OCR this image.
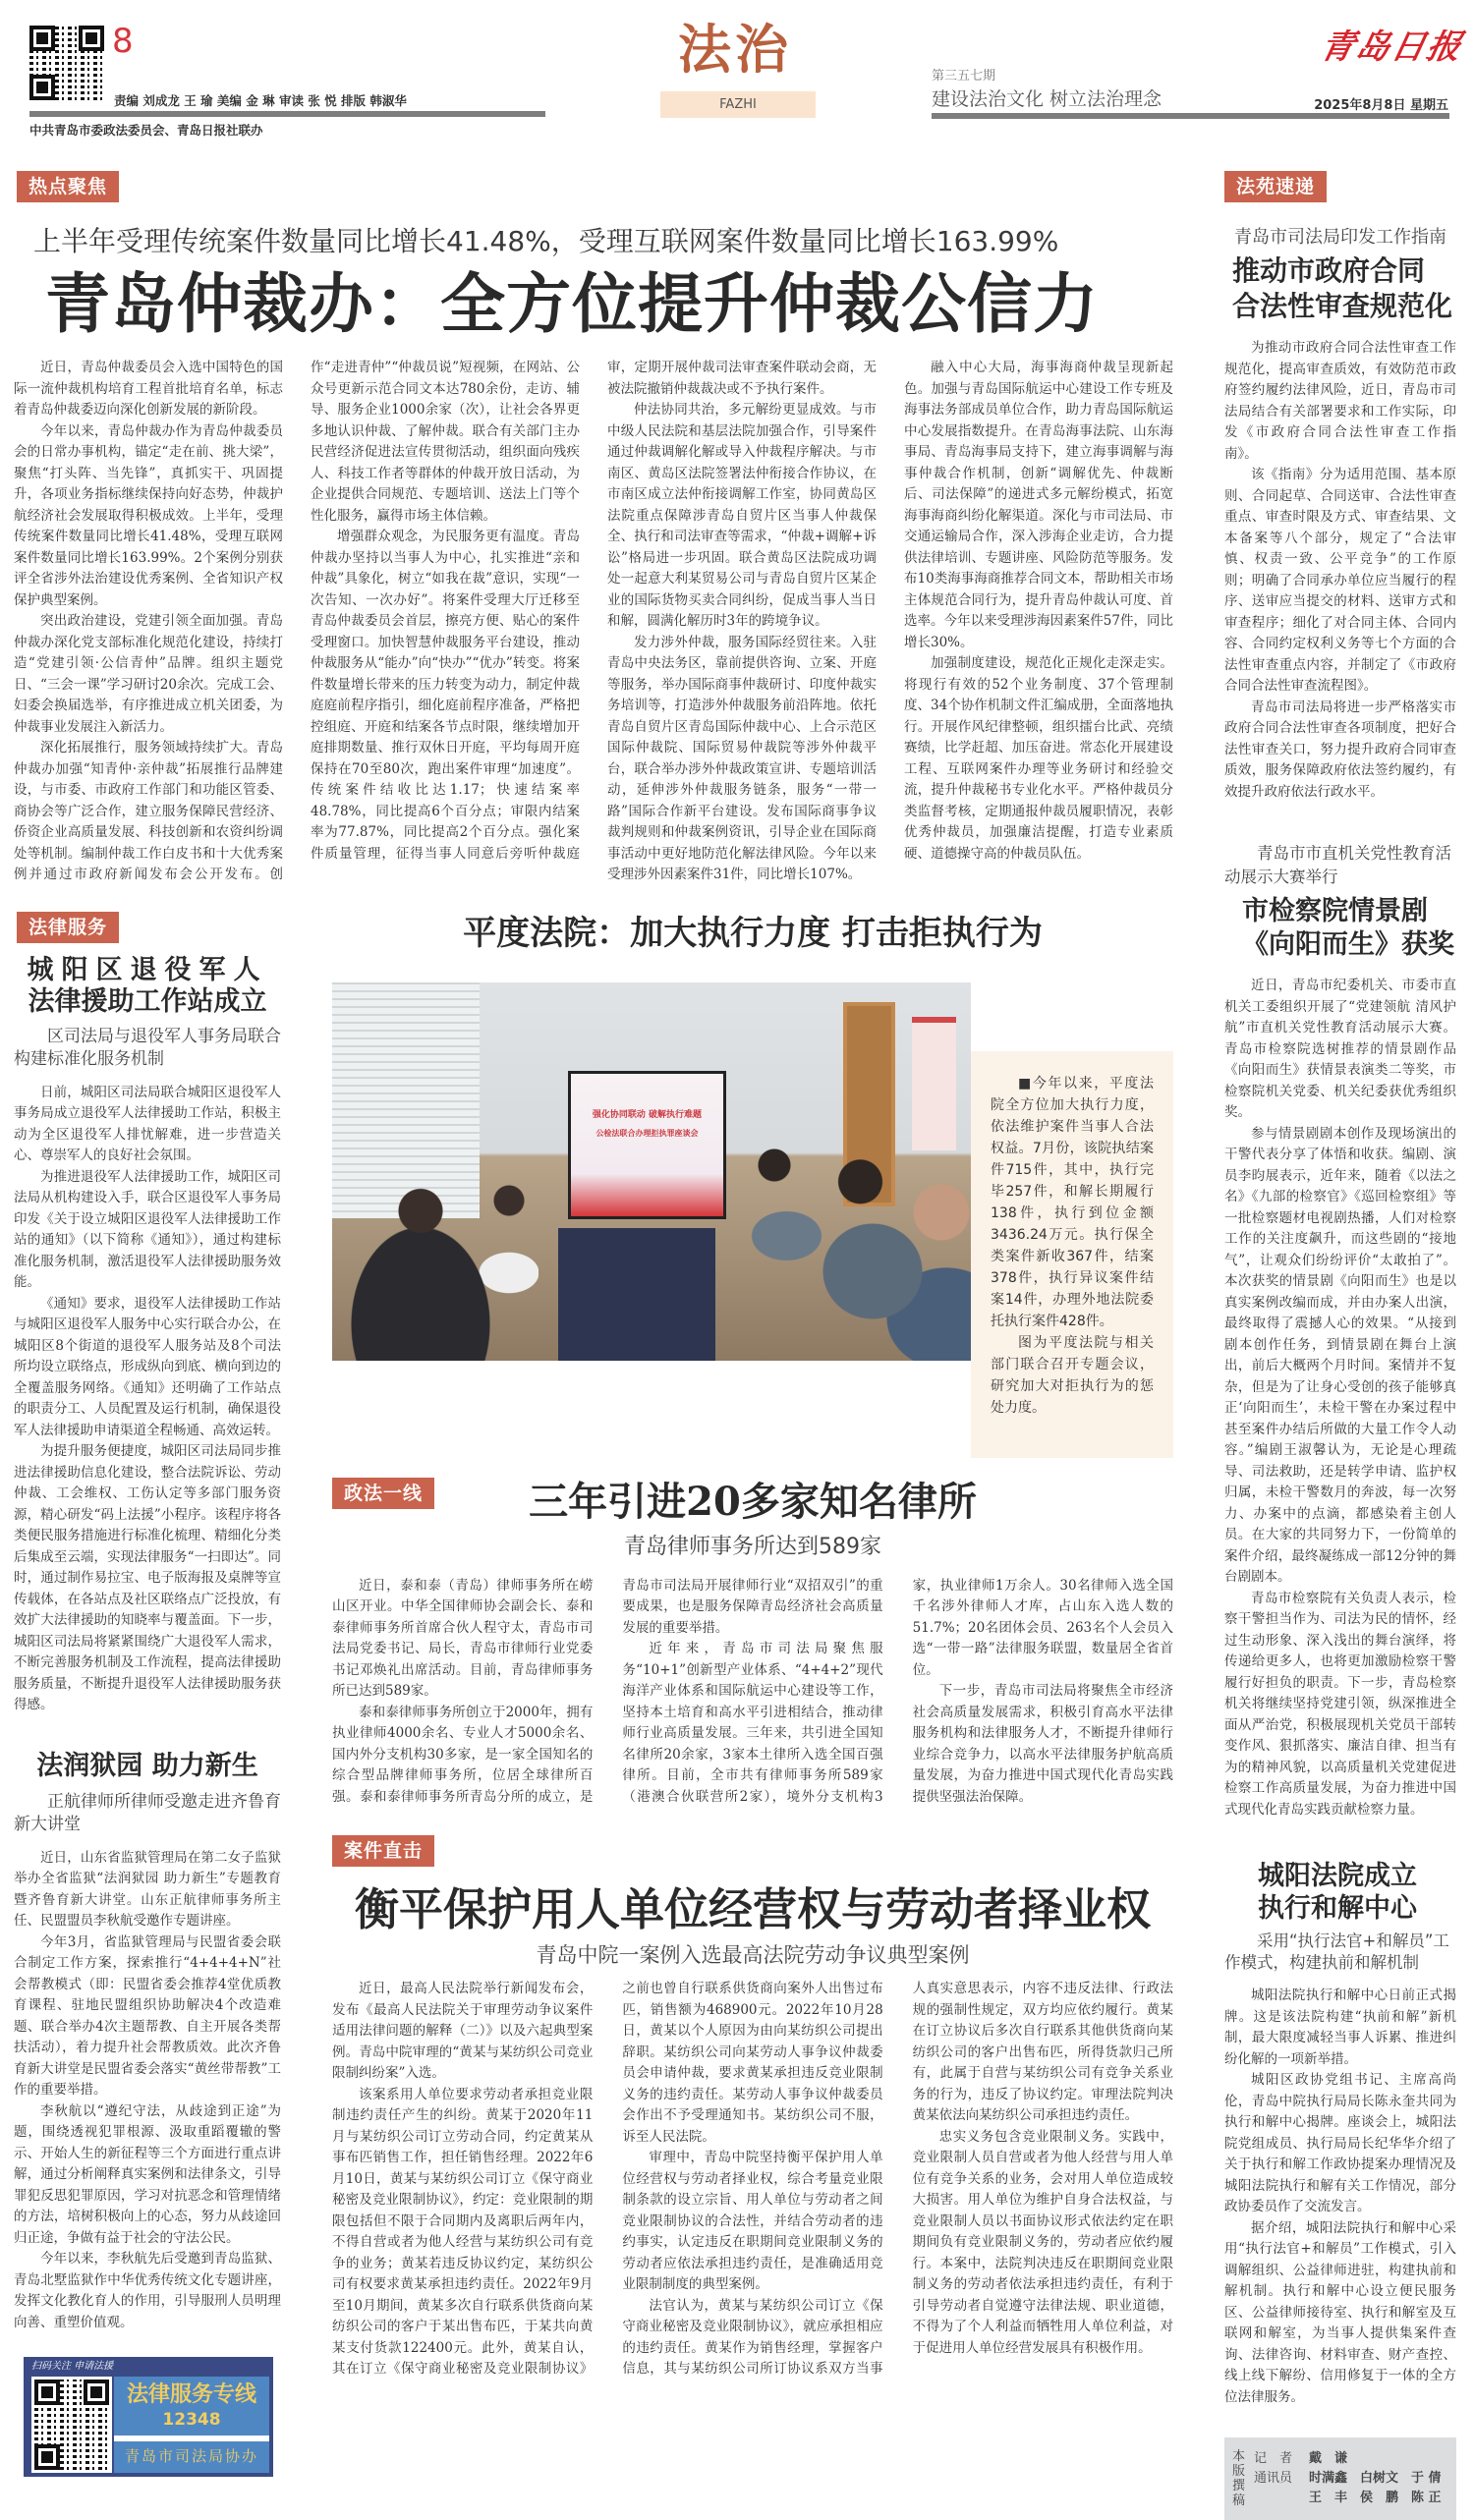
8
责编 刘成龙 王 瑜 美编 金 琳 审读 张 悦 排版 韩淑华
中共青岛市委政法委员会、青岛日报社联办
法治
FAZHI
第三五七期
建设法治文化 树立法治理念	2025年8月8日 星期五
青岛日报
热点聚焦
上半年受理传统案件数量同比增长41.48%，受理互联网案件数量同比增长163.99%
青岛仲裁办：全方位提升仲裁公信力

近日，青岛仲裁委员会入选中国特色的国际一流仲裁机构培育工程首批培育名单，标志着青岛仲裁委迈向深化创新发展的新阶段。

今年以来，青岛仲裁办作为青岛仲裁委员会的日常办事机构，锚定“走在前、挑大梁”，聚焦“打头阵、当先锋”，真抓实干、巩固提升，各项业务指标继续保持向好态势，仲裁护航经济社会发展取得积极成效。上半年，受理传统案件数量同比增长41.48%，受理互联网案件数量同比增长163.99%。2个案例分别获评全省涉外法治建设优秀案例、全省知识产权保护典型案例。

突出政治建设，党建引领全面加强。青岛仲裁办深化党支部标准化规范化建设，持续打造“党建引领·公信青仲”品牌。组织主题党日、“三会一课”学习研讨20余次。完成工会、妇委会换届选举，有序推进成立机关团委，为仲裁事业发展注入新活力。

深化拓展推行，服务领域持续扩大。青岛仲裁办加强“知青仲·亲仲裁”拓展推行品牌建设，与市委、市政府工作部门和功能区管委、商协会等广泛合作，建立服务保障民营经济、侨资企业高质量发展、科技创新和农资纠纷调处等机制。编制仲裁工作白皮书和十大优秀案例并通过市政府新闻发布会公开发布。创作“走进青仲”“仲裁员说”短视频，在网站、公众号更新示范合同文本达780余份，走访、辅导、服务企业1000余家（次），让社会各界更多地认识仲裁、了解仲裁。联合有关部门主办民营经济促进法宣传贯彻活动，组织面向残疾人、科技工作者等群体的仲裁开放日活动，为企业提供合同规范、专题培训、送法上门等个性化服务，赢得市场主体信赖。

增强群众观念，为民服务更有温度。青岛仲裁办坚持以当事人为中心，扎实推进“亲和仲裁”具象化，树立“如我在裁”意识，实现“一次告知、一次办好”。将案件受理大厅迁移至青岛仲裁委员会首层，擦亮方便、贴心的案件受理窗口。加快智慧仲裁服务平台建设，推动仲裁服务从“能办”向“快办”“优办”转变。将案件数量增长带来的压力转变为动力，制定仲裁庭庭前程序指引，细化庭前程序准备，严格把控组庭、开庭和结案各节点时限，继续增加开庭排期数量、推行双休日开庭，平均每周开庭保持在70至80次，跑出案件审理“加速度”。传统案件结收比达1.17；快速结案率48.78%，同比提高6个百分点；审限内结案率为77.87%，同比提高2个百分点。强化案件质量管理，征得当事人同意后旁听仲裁庭审，定期开展仲裁司法审查案件联动会商，无被法院撤销仲裁裁决或不予执行案件。

仲法协同共治，多元解纷更显成效。与市中级人民法院和基层法院加强合作，引导案件通过仲裁调解化解或导入仲裁程序解决。与市南区、黄岛区法院签署法仲衔接合作协议，在市南区成立法仲衔接调解工作室，协同黄岛区法院重点保障涉青岛自贸片区当事人仲裁保全、执行和司法审查等需求，“仲裁+调解+诉讼”格局进一步巩固。联合黄岛区法院成功调处一起意大利某贸易公司与青岛自贸片区某企业的国际货物买卖合同纠纷，促成当事人当日和解，圆满化解历时3年的跨境争议。

发力涉外仲裁，服务国际经贸往来。入驻青岛中央法务区，靠前提供咨询、立案、开庭等服务，举办国际商事仲裁研讨、印度仲裁实务培训等，打造涉外仲裁服务前沿阵地。依托青岛自贸片区青岛国际仲裁中心、上合示范区国际仲裁院、国际贸易仲裁院等涉外仲裁平台，联合举办涉外仲裁政策宣讲、专题培训活动，延伸涉外仲裁服务链条，服务“一带一路”国际合作新平台建设。发布国际商事争议裁判规则和仲裁案例资讯，引导企业在国际商事活动中更好地防范化解法律风险。今年以来受理涉外因素案件31件，同比增长107%。

融入中心大局，海事海商仲裁呈现新起色。加强与青岛国际航运中心建设工作专班及海事法务部成员单位合作，助力青岛国际航运中心发展指数提升。在青岛海事法院、山东海事局、青岛海事局支持下，建立海事调解与海事仲裁合作机制，创新“调解优先、仲裁断后、司法保障”的递进式多元解纷模式，拓宽海事海商纠纷化解渠道。深化与市司法局、市交通运输局合作，深入涉海企业走访，合力提供法律培训、专题讲座、风险防范等服务。发布10类海事海商推荐合同文本，帮助相关市场主体规范合同行为，提升青岛仲裁认可度、首选率。今年以来受理涉海因素案件57件，同比增长30%。

加强制度建设，规范化正规化走深走实。将现行有效的52个业务制度、37个管理制度、34个协作机制文件汇编成册，全面落地执行。开展作风纪律整顿，组织擂台比武、亮绩赛绩，比学赶超、加压奋进。常态化开展建设工程、互联网案件办理等业务研讨和经验交流，提升仲裁秘书专业化水平。严格仲裁员分类监督考核，定期通报仲裁员履职情况，表彰优秀仲裁员，加强廉洁提醒，打造专业素质硬、道德操守高的仲裁员队伍。

法律服务
城阳区退役军人
法律援助工作站成立
区司法局与退役军人事务局联合构建标准化服务机制

日前，城阳区司法局联合城阳区退役军人事务局成立退役军人法律援助工作站，积极主动为全区退役军人排忧解难，进一步营造关心、尊崇军人的良好社会氛围。

为推进退役军人法律援助工作，城阳区司法局从机构建设入手，联合区退役军人事务局印发《关于设立城阳区退役军人法律援助工作站的通知》（以下简称《通知》），通过构建标准化服务机制，激活退役军人法律援助服务效能。

《通知》要求，退役军人法律援助工作站与城阳区退役军人服务中心实行联合办公，在城阳区8个街道的退役军人服务站及8个司法所均设立联络点，形成纵向到底、横向到边的全覆盖服务网络。《通知》还明确了工作站点的职责分工、人员配置及运行机制，确保退役军人法律援助申请渠道全程畅通、高效运转。

为提升服务便捷度，城阳区司法局同步推进法律援助信息化建设，整合法院诉讼、劳动仲裁、工会维权、工伤认定等多部门服务资源，精心研发“码上法援”小程序。该程序将各类便民服务措施进行标准化梳理、精细化分类后集成至云端，实现法律服务“一扫即达”。同时，通过制作易拉宝、电子版海报及桌牌等宣传载体，在各站点及社区联络点广泛投放，有效扩大法律援助的知晓率与覆盖面。下一步，城阳区司法局将紧紧围绕广大退役军人需求，不断完善服务机制及工作流程，提高法律援助服务质量，不断提升退役军人法律援助服务获得感。

法润狱园 助力新生
正航律师所律师受邀走进齐鲁育新大讲堂

近日，山东省监狱管理局在第二女子监狱举办全省监狱“法润狱园 助力新生”专题教育暨齐鲁育新大讲堂。山东正航律师事务所主任、民盟盟员李秋航受邀作专题讲座。

今年3月，省监狱管理局与民盟省委会联合制定工作方案，探索推行“4+4+4+N”社会帮教模式（即：民盟省委会推荐4堂优质教育课程、驻地民盟组织协助解决4个改造难题、联合举办4次主题帮教、自主开展各类帮扶活动），着力提升社会帮教质效。此次齐鲁育新大讲堂是民盟省委会落实“黄丝带帮教”工作的重要举措。

李秋航以“遵纪守法，从歧途到正途”为题，围绕透视犯罪根源、汲取重蹈覆辙的警示、开始人生的新征程等三个方面进行重点讲解，通过分析阐释真实案例和法律条文，引导罪犯反思犯罪原因，学习对抗恶念和管理情绪的方法，培树积极向上的心态，努力从歧途回归正途，争做有益于社会的守法公民。

今年以来，李秋航先后受邀到青岛监狱、青岛北墅监狱作中华优秀传统文化专题讲座，发挥文化教化育人的作用，引导服刑人员明理向善、重塑价值观。

扫码关注 申请法援
法律服务专线
12348
青岛市司法局协办
平度法院：加大执行力度 打击拒执行为
强化协同联动 破解执行难题
公检法联合办理拒执罪座谈会

■今年以来，平度法院全方位加大执行力度，依法维护案件当事人合法权益。7月份，该院执结案件715件，其中，执行完毕257件，和解长期履行138件，执行到位金额3436.24万元。执行保全类案件新收367件，结案378件，执行异议案件结案14件，办理外地法院委托执行案件428件。

图为平度法院与相关部门联合召开专题会议，研究加大对拒执行为的惩处力度。

政法一线	三年引进20多家知名律所
青岛律师事务所达到589家

近日，泰和泰（青岛）律师事务所在崂山区开业。中华全国律师协会副会长、泰和泰律师事务所首席合伙人程守太，青岛市司法局党委书记、局长，青岛市律师行业党委书记邓焕礼出席活动。目前，青岛律师事务所已达到589家。

泰和泰律师事务所创立于2000年，拥有执业律师4000余名、专业人才5000余名、国内外分支机构30多家，是一家全国知名的综合型品牌律师事务所，位居全球律所百强。泰和泰律师事务所青岛分所的成立，是青岛市司法局开展律师行业“双招双引”的重要成果，也是服务保障青岛经济社会高质量发展的重要举措。

近年来，青岛市司法局聚焦服务“10+1”创新型产业体系、“4+4+2”现代海洋产业体系和国际航运中心建设等工作，坚持本土培育和高水平引进相结合，推动律师行业高质量发展。三年来，共引进全国知名律所20余家，3家本土律所入选全国百强律所。目前，全市共有律师事务所589家（港澳合伙联营所2家），境外分支机构3家，执业律师1万余人。30名律师入选全国千名涉外律师人才库，占山东入选人数的51.7%；20名团体会员、263名个人会员入选“一带一路”法律服务联盟，数量居全省首位。

下一步，青岛市司法局将聚焦全市经济社会高质量发展需求，积极引育高水平法律服务机构和法律服务人才，不断提升律师行业综合竞争力，以高水平法律服务护航高质量发展，为奋力推进中国式现代化青岛实践提供坚强法治保障。

案件直击
衡平保护用人单位经营权与劳动者择业权
青岛中院一案例入选最高法院劳动争议典型案例

近日，最高人民法院举行新闻发布会，发布《最高人民法院关于审理劳动争议案件适用法律问题的解释（二）》以及六起典型案例。青岛中院审理的“黄某与某纺织公司竞业限制纠纷案”入选。

该案系用人单位要求劳动者承担竞业限制违约责任产生的纠纷。黄某于2020年11月与某纺织公司订立劳动合同，约定黄某从事布匹销售工作，担任销售经理。2022年6月10日，黄某与某纺织公司订立《保守商业秘密及竞业限制协议》，约定：竞业限制的期限包括但不限于合同期内及离职后两年内，不得自营或者为他人经营与某纺织公司有竞争的业务；黄某若违反协议约定，某纺织公司有权要求黄某承担违约责任。2022年9月至10月期间，黄某多次自行联系供货商向某纺织公司的客户于某出售布匹，于某共向黄某支付货款122400元。此外，黄某自认，其在订立《保守商业秘密及竞业限制协议》之前也曾自行联系供货商向案外人出售过布匹，销售额为468900元。2022年10月28日，黄某以个人原因为由向某纺织公司提出辞职。某纺织公司向某劳动人事争议仲裁委员会申请仲裁，要求黄某承担违反竞业限制义务的违约责任。某劳动人事争议仲裁委员会作出不予受理通知书。某纺织公司不服，诉至人民法院。

审理中，青岛中院坚持衡平保护用人单位经营权与劳动者择业权，综合考量竞业限制条款的设立宗旨、用人单位与劳动者之间竞业限制协议的合法性，并结合劳动者的违约事实，认定违反在职期间竞业限制义务的劳动者应依法承担违约责任，是准确适用竞业限制制度的典型案例。

法官认为，黄某与某纺织公司订立《保守商业秘密及竞业限制协议》，就应承担相应的违约责任。黄某作为销售经理，掌握客户信息，其与某纺织公司所订协议系双方当事人真实意思表示，内容不违反法律、行政法规的强制性规定，双方均应依约履行。黄某在订立协议后多次自行联系其他供货商向某纺织公司的客户出售布匹，所得货款归己所有，此属于自营与某纺织公司有竞争关系业务的行为，违反了协议约定。审理法院判决黄某依法向某纺织公司承担违约责任。

忠实义务包含竞业限制义务。实践中，竞业限制人员自营或者为他人经营与用人单位有竞争关系的业务，会对用人单位造成较大损害。用人单位为维护自身合法权益，与竞业限制人员以书面协议形式依法约定在职期间负有竞业限制义务的，劳动者应依约履行。本案中，法院判决违反在职期间竞业限制义务的劳动者依法承担违约责任，有利于引导劳动者自觉遵守法律法规、职业道德，不得为了个人利益而牺牲用人单位利益，对于促进用人单位经营发展具有积极作用。

法苑速递
青岛市司法局印发工作指南
推动市政府合同
合法性审查规范化

为推动市政府合同合法性审查工作规范化，提高审查质效，有效防范市政府签约履约法律风险，近日，青岛市司法局结合有关部署要求和工作实际，印发《市政府合同合法性审查工作指南》。

该《指南》分为适用范围、基本原则、合同起草、合同送审、合法性审查重点、审查时限及方式、审查结果、文本备案等八个部分，规定了“合法审慎、权责一致、公平竞争”的工作原则；明确了合同承办单位应当履行的程序、送审应当提交的材料、送审方式和审查程序；细化了对合同主体、合同内容、合同约定权利义务等七个方面的合法性审查重点内容，并制定了《市政府合同合法性审查流程图》。

青岛市司法局将进一步严格落实市政府合同合法性审查各项制度，把好合法性审查关口，努力提升政府合同审查质效，服务保障政府依法签约履约，有效提升政府依法行政水平。

青岛市市直机关党性教育活动展示大赛举行
市检察院情景剧
《向阳而生》获奖

近日，青岛市纪委机关、市委市直机关工委组织开展了“党建领航 清风护航”市直机关党性教育活动展示大赛。青岛市检察院选树推荐的情景剧作品《向阳而生》获情景表演类二等奖，市检察院机关党委、机关纪委获优秀组织奖。

参与情景剧剧本创作及现场演出的干警代表分享了体悟和收获。编剧、演员李昀展表示，近年来，随着《以法之名》《九部的检察官》《巡回检察组》等一批检察题材电视剧热播，人们对检察工作的关注度飙升，而这些剧的“接地气”，让观众们纷纷评价“太敢拍了”。本次获奖的情景剧《向阳而生》也是以真实案例改编而成，并由办案人出演，最终取得了震撼人心的效果。“从接到剧本创作任务，到情景剧在舞台上演出，前后大概两个月时间。案情并不复杂，但是为了让身心受创的孩子能够真正‘向阳而生’，未检干警在办案过程中甚至案件办结后所做的大量工作令人动容。”编剧王淑馨认为，无论是心理疏导、司法救助，还是转学申请、监护权归属，未检干警数月的奔波，每一次努力、办案中的点滴，都感染着主创人员。在大家的共同努力下，一份简单的案件介绍，最终凝练成一部12分钟的舞台剧剧本。

青岛市检察院有关负责人表示，检察干警担当作为、司法为民的情怀，经过生动形象、深入浅出的舞台演绎，将传递给更多人，也将更加激励检察干警履行好担负的职责。下一步，青岛检察机关将继续坚持党建引领，纵深推进全面从严治党，积极展现机关党员干部转变作风、狠抓落实、廉洁自律、担当有为的精神风貌，以高质量机关党建促进检察工作高质量发展，为奋力推进中国式现代化青岛实践贡献检察力量。

城阳法院成立
执行和解中心
采用“执行法官+和解员”工作模式，构建执前和解机制

城阳法院执行和解中心日前正式揭牌。这是该法院构建“执前和解”新机制，最大限度减轻当事人诉累、推进纠纷化解的一项新举措。

城阳区政协党组书记、主席高尚伦，青岛中院执行局局长陈永奎共同为执行和解中心揭牌。座谈会上，城阳法院党组成员、执行局局长纪华华介绍了关于执行和解工作政协提案办理情况及城阳法院执行和解有关工作情况，部分政协委员作了交流发言。

据介绍，城阳法院执行和解中心采用“执行法官+和解员”工作模式，引入调解组织、公益律师进驻，构建执前和解机制。执行和解中心设立便民服务区、公益律师接待室、执行和解室及互联网和解室，为当事人提供集案件查询、法律咨询、材料审查、财产查控、线上线下解纷、信用修复于一体的全方位法律服务。

本版撰稿
记　者	戴　谦
通讯员	时满鑫　白树文　于 倩
王　丰　侯　鹏　陈 正
